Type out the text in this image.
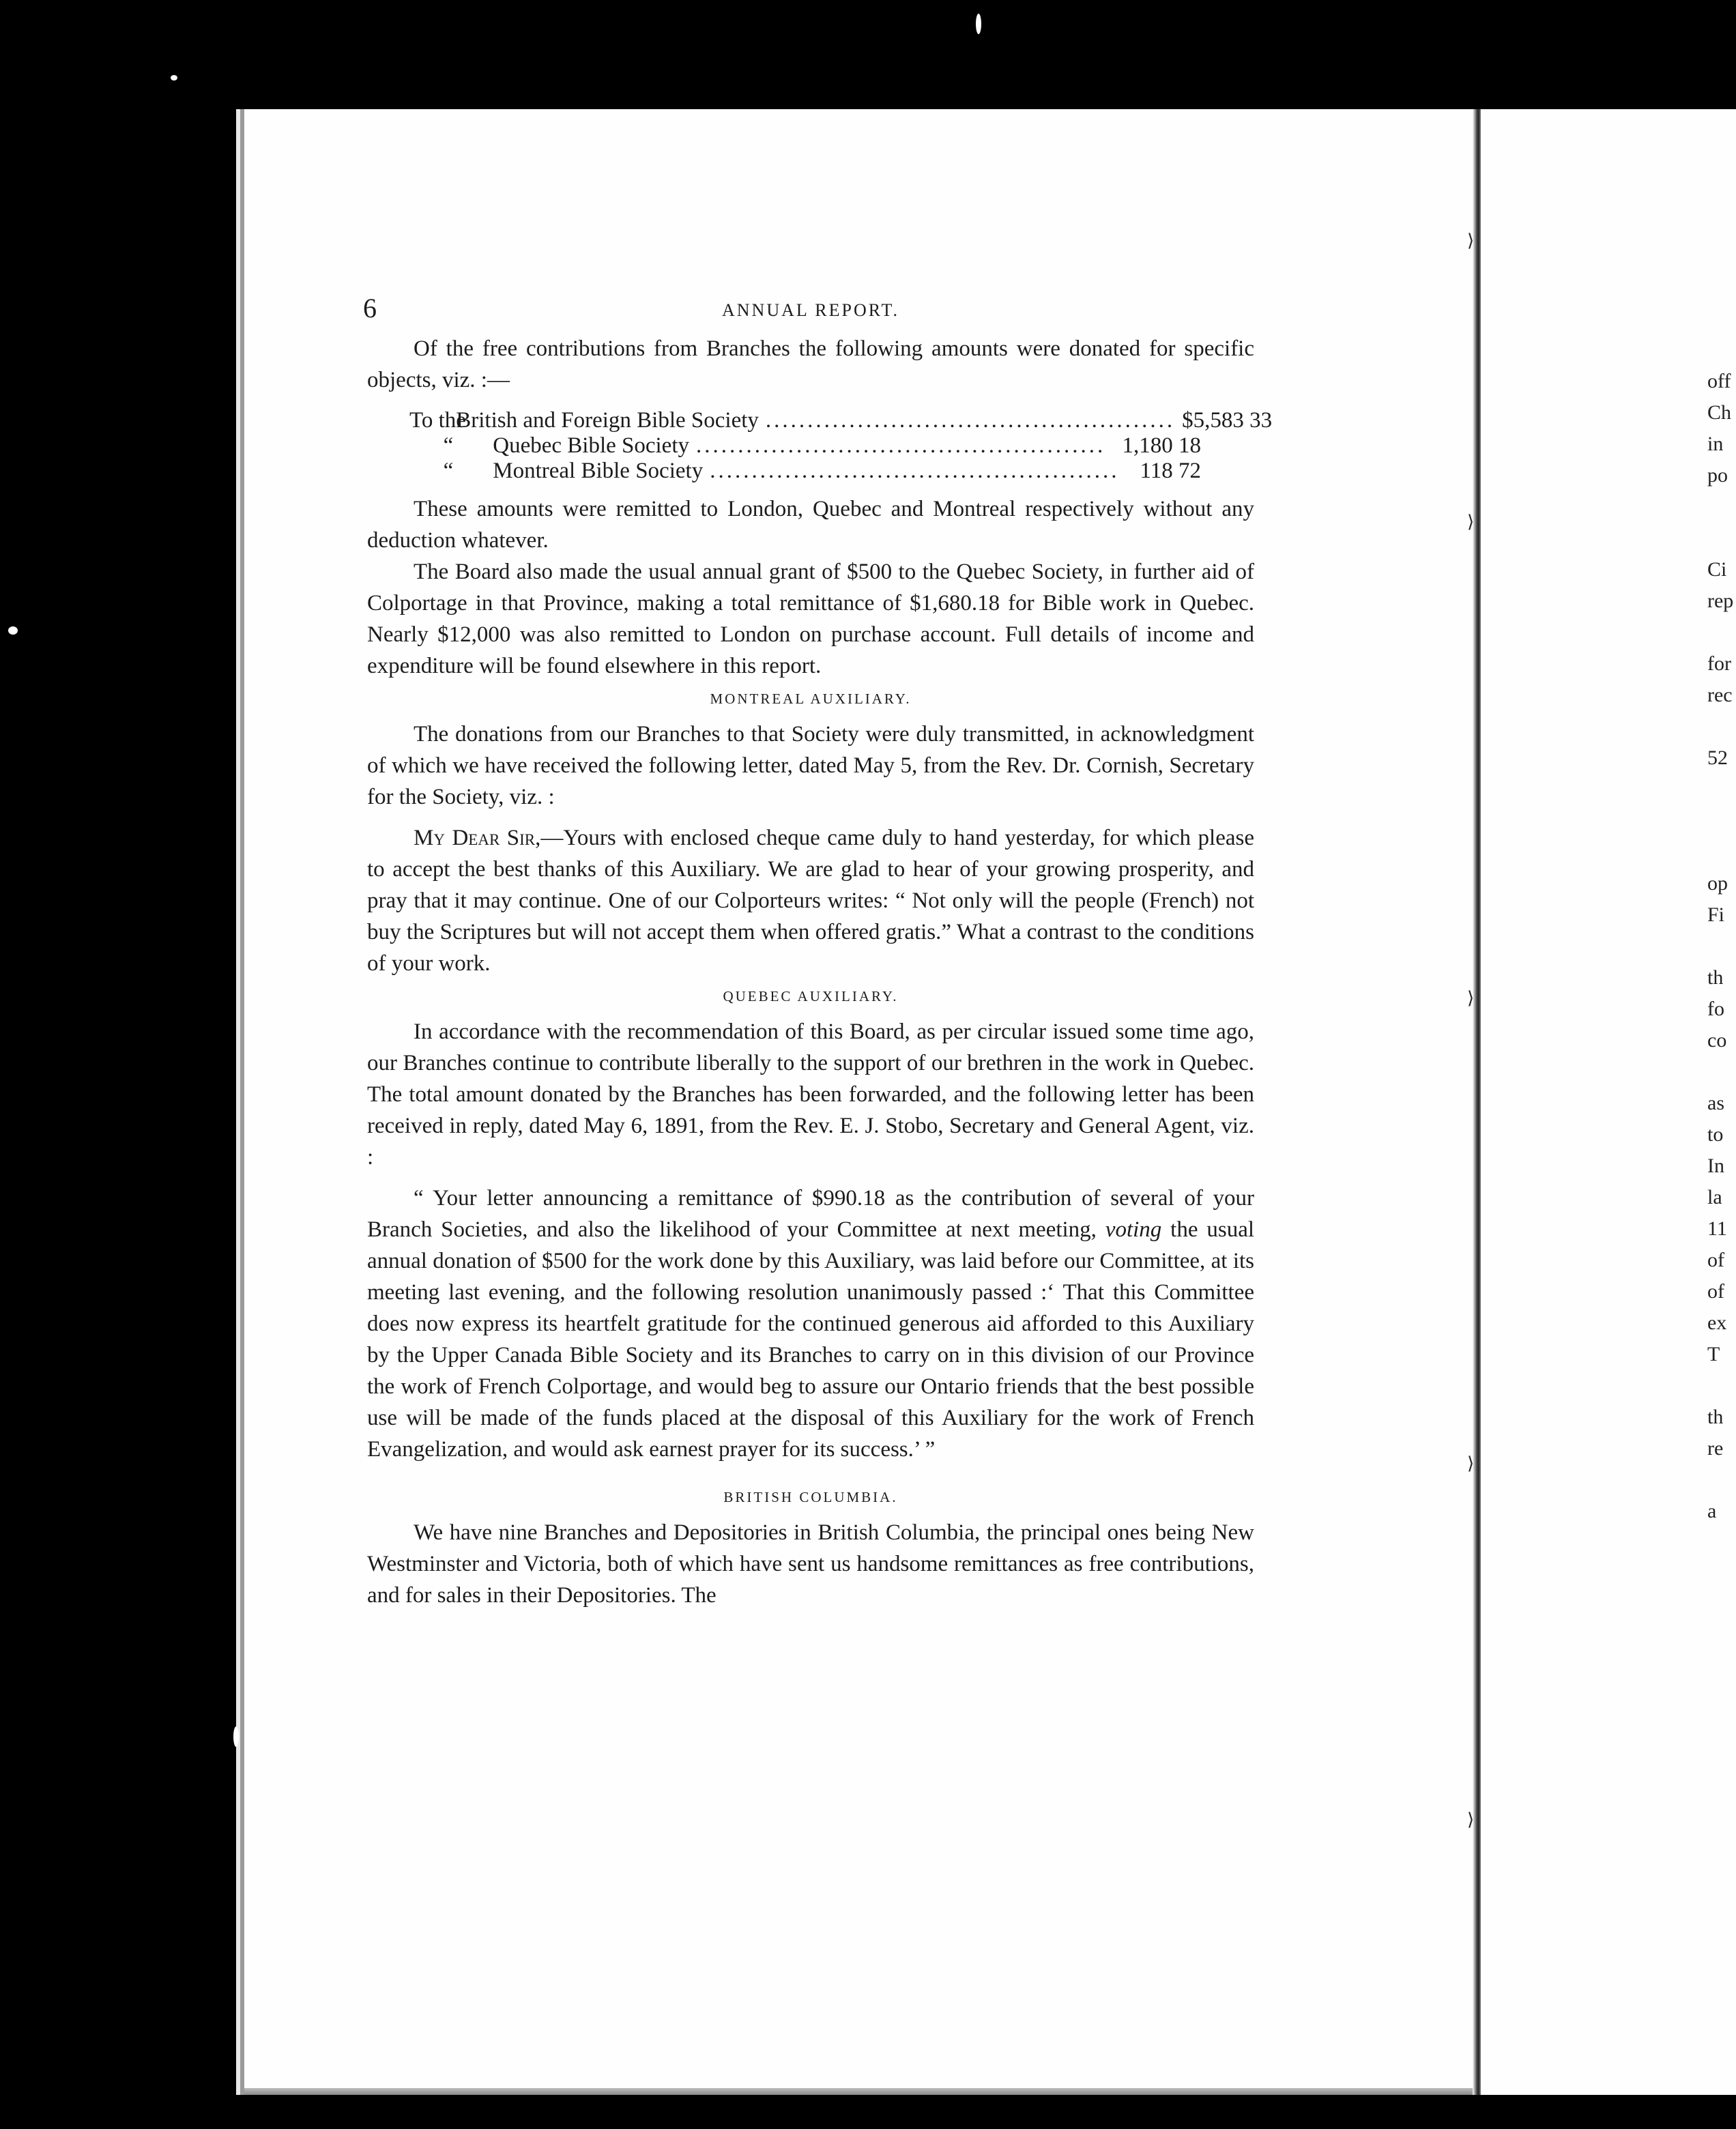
⟩
⟩
⟩
⟩
⟩
off
Ch
in
po
Ci
rep
for
rec
52
op
Fi
th
fo
co
as
to
In
la
11
of
of
ex
T
th
re
a
6	ANNUAL REPORT.

Of the free contributions from Branches the following amounts were donated for specific objects, viz. :—

To the British and Foreign Bible Society ................................................. $5,583 33
“ Quebec Bible Society ................................................. 1,180 18
“ Montreal Bible Society ................................................. 118 72

These amounts were remitted to London, Quebec and Montreal respectively without any deduction whatever.

The Board also made the usual annual grant of $500 to the Quebec Society, in further aid of Colportage in that Province, making a total remittance of $1,680.18 for Bible work in Quebec. Nearly $12,000 was also remitted to London on purchase account. Full details of income and expenditure will be found elsewhere in this report.

MONTREAL AUXILIARY.

The donations from our Branches to that Society were duly transmitted, in acknowledgment of which we have received the following letter, dated May 5, from the Rev. Dr. Cornish, Secretary for the Society, viz. :

My Dear Sir,—Yours with enclosed cheque came duly to hand yesterday, for which please to accept the best thanks of this Auxiliary. We are glad to hear of your growing prosperity, and pray that it may continue. One of our Colporteurs writes: “ Not only will the people (French) not buy the Scriptures but will not accept them when offered gratis.” What a contrast to the conditions of your work.

QUEBEC AUXILIARY.

In accordance with the recommendation of this Board, as per circular issued some time ago, our Branches continue to contribute liberally to the support of our brethren in the work in Quebec. The total amount donated by the Branches has been forwarded, and the following letter has been received in reply, dated May 6, 1891, from the Rev. E. J. Stobo, Secretary and General Agent, viz. :

“ Your letter announcing a remittance of $990.18 as the contribution of several of your Branch Societies, and also the likelihood of your Committee at next meeting, voting the usual annual donation of $500 for the work done by this Auxiliary, was laid before our Committee, at its meeting last evening, and the following resolution unanimously passed :‘ That this Committee does now express its heartfelt gratitude for the continued generous aid afforded to this Auxiliary by the Upper Canada Bible Society and its Branches to carry on in this division of our Province the work of French Colportage, and would beg to assure our Ontario friends that the best possible use will be made of the funds placed at the disposal of this Auxiliary for the work of French Evangelization, and would ask earnest prayer for its success.’ ”

BRITISH COLUMBIA.

We have nine Branches and Depositories in British Columbia, the principal ones being New Westminster and Victoria, both of which have sent us handsome remittances as free contributions, and for sales in their Depositories. The
